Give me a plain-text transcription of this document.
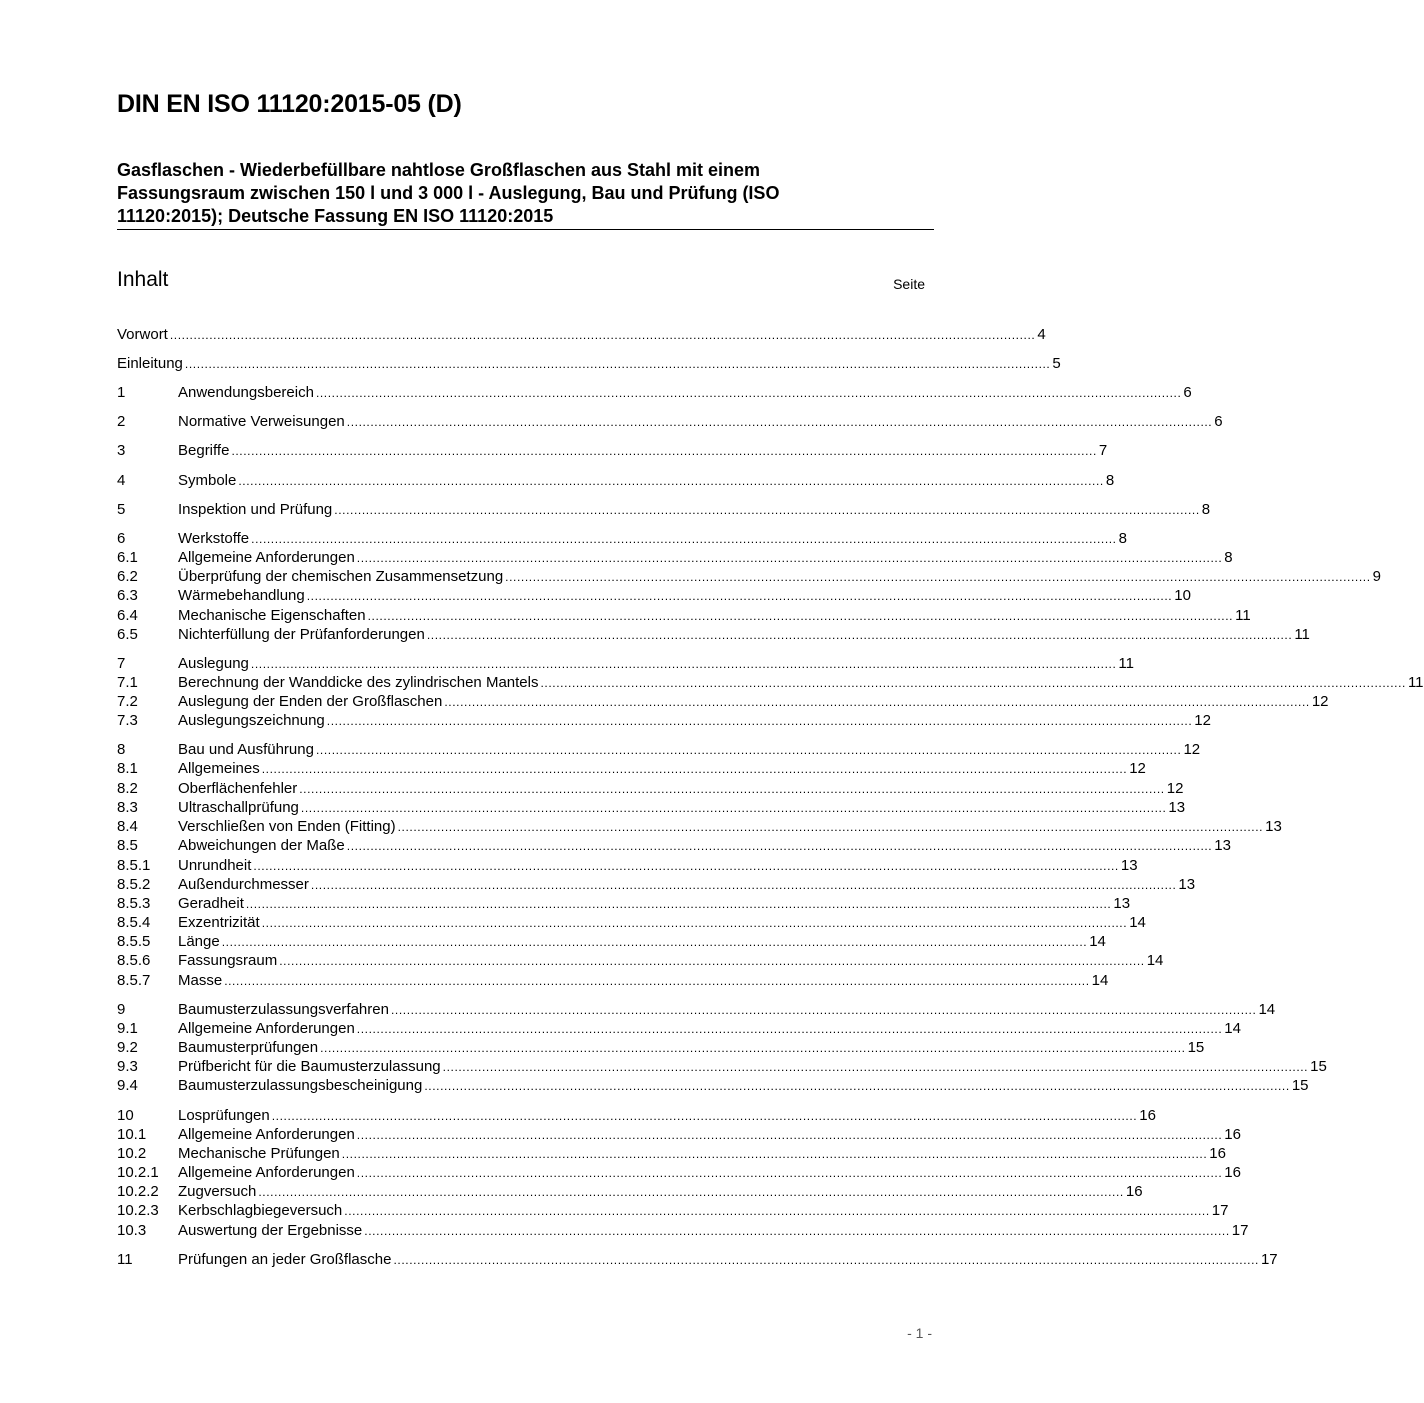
DIN EN ISO 11120:2015-05 (D)
Gasflaschen - Wiederbefüllbare nahtlose Großflaschen aus Stahl mit einem
Fassungsraum zwischen 150 l und 3 000 l - Auslegung, Bau und Prüfung (ISO
11120:2015); Deutsche Fassung EN ISO 11120:2015
Inhalt	Seite
Vorwort ............................................................................................................................................................................................................................ 4
Einleitung ............................................................................................................................................................................................................................ 5
1	Anwendungsbereich ............................................................................................................................................................................................................................ 6
2	Normative Verweisungen ............................................................................................................................................................................................................................ 6
3	Begriffe ............................................................................................................................................................................................................................ 7
4	Symbole ............................................................................................................................................................................................................................ 8
5	Inspektion und Prüfung ............................................................................................................................................................................................................................ 8
6	Werkstoffe ............................................................................................................................................................................................................................ 8
6.1	Allgemeine Anforderungen ............................................................................................................................................................................................................................ 8
6.2	Überprüfung der chemischen Zusammensetzung ............................................................................................................................................................................................................................ 9
6.3	Wärmebehandlung ............................................................................................................................................................................................................................ 10
6.4	Mechanische Eigenschaften ............................................................................................................................................................................................................................ 11
6.5	Nichterfüllung der Prüfanforderungen ............................................................................................................................................................................................................................ 11
7	Auslegung ............................................................................................................................................................................................................................ 11
7.1	Berechnung der Wanddicke des zylindrischen Mantels ............................................................................................................................................................................................................................ 11
7.2	Auslegung der Enden der Großflaschen ............................................................................................................................................................................................................................ 12
7.3	Auslegungszeichnung ............................................................................................................................................................................................................................ 12
8	Bau und Ausführung ............................................................................................................................................................................................................................ 12
8.1	Allgemeines ............................................................................................................................................................................................................................ 12
8.2	Oberflächenfehler ............................................................................................................................................................................................................................ 12
8.3	Ultraschallprüfung ............................................................................................................................................................................................................................ 13
8.4	Verschließen von Enden (Fitting) ............................................................................................................................................................................................................................ 13
8.5	Abweichungen der Maße ............................................................................................................................................................................................................................ 13
8.5.1	Unrundheit ............................................................................................................................................................................................................................ 13
8.5.2	Außendurchmesser ............................................................................................................................................................................................................................ 13
8.5.3	Geradheit ............................................................................................................................................................................................................................ 13
8.5.4	Exzentrizität ............................................................................................................................................................................................................................ 14
8.5.5	Länge ............................................................................................................................................................................................................................ 14
8.5.6	Fassungsraum ............................................................................................................................................................................................................................ 14
8.5.7	Masse ............................................................................................................................................................................................................................ 14
9	Baumusterzulassungsverfahren ............................................................................................................................................................................................................................ 14
9.1	Allgemeine Anforderungen ............................................................................................................................................................................................................................ 14
9.2	Baumusterprüfungen ............................................................................................................................................................................................................................ 15
9.3	Prüfbericht für die Baumusterzulassung ............................................................................................................................................................................................................................ 15
9.4	Baumusterzulassungsbescheinigung ............................................................................................................................................................................................................................ 15
10	Losprüfungen ............................................................................................................................................................................................................................ 16
10.1	Allgemeine Anforderungen ............................................................................................................................................................................................................................ 16
10.2	Mechanische Prüfungen ............................................................................................................................................................................................................................ 16
10.2.1	Allgemeine Anforderungen ............................................................................................................................................................................................................................ 16
10.2.2	Zugversuch ............................................................................................................................................................................................................................ 16
10.2.3	Kerbschlagbiegeversuch ............................................................................................................................................................................................................................ 17
10.3	Auswertung der Ergebnisse ............................................................................................................................................................................................................................ 17
11	Prüfungen an jeder Großflasche ............................................................................................................................................................................................................................ 17
- 1 -
